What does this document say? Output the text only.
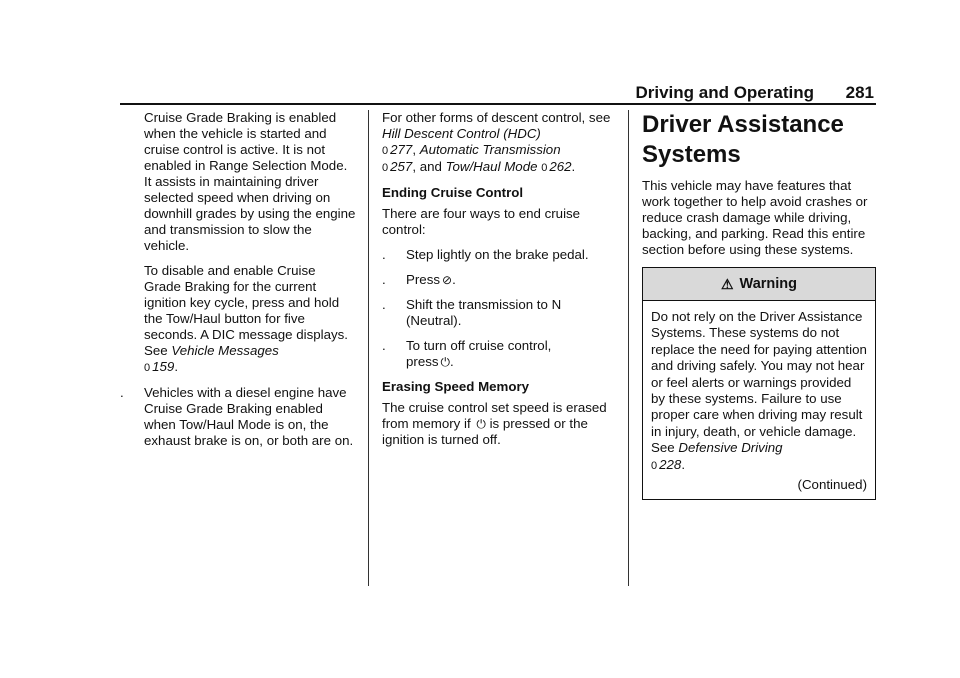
Driving and Operating 281

Cruise Grade Braking is enabled when the vehicle is started and cruise control is active. It is not enabled in Range Selection Mode. It assists in maintaining driver selected speed when driving on downhill grades by using the engine and transmission to slow the vehicle.

To disable and enable Cruise Grade Braking for the current ignition key cycle, press and hold the Tow/Haul button for five seconds. A DIC message displays. See Vehicle Messages
0 159.

.	Vehicles with a diesel engine have Cruise Grade Braking enabled when Tow/Haul Mode is on, the exhaust brake is on, or both are on.

For other forms of descent control, see Hill Descent Control (HDC)
0 277, Automatic Transmission
0 257, and Tow/Haul Mode 0 262.

Ending Cruise Control

There are four ways to end cruise control:

.	Step lightly on the brake pedal.
.	Press ⊘.
.	Shift the transmission to N (Neutral).
.	To turn off cruise control,
press ⏻.

Erasing Speed Memory

The cruise control set speed is erased from memory if ⏻ is pressed or the ignition is turned off.

Driver Assistance Systems

This vehicle may have features that work together to help avoid crashes or reduce crash damage while driving, backing, and parking. Read this entire section before using these systems.

⚠ Warning
Do not rely on the Driver Assistance Systems. These systems do not replace the need for paying attention and driving safely. You may not hear or feel alerts or warnings provided by these systems. Failure to use proper care when driving may result in injury, death, or vehicle damage. See Defensive Driving
0 228.
(Continued)
